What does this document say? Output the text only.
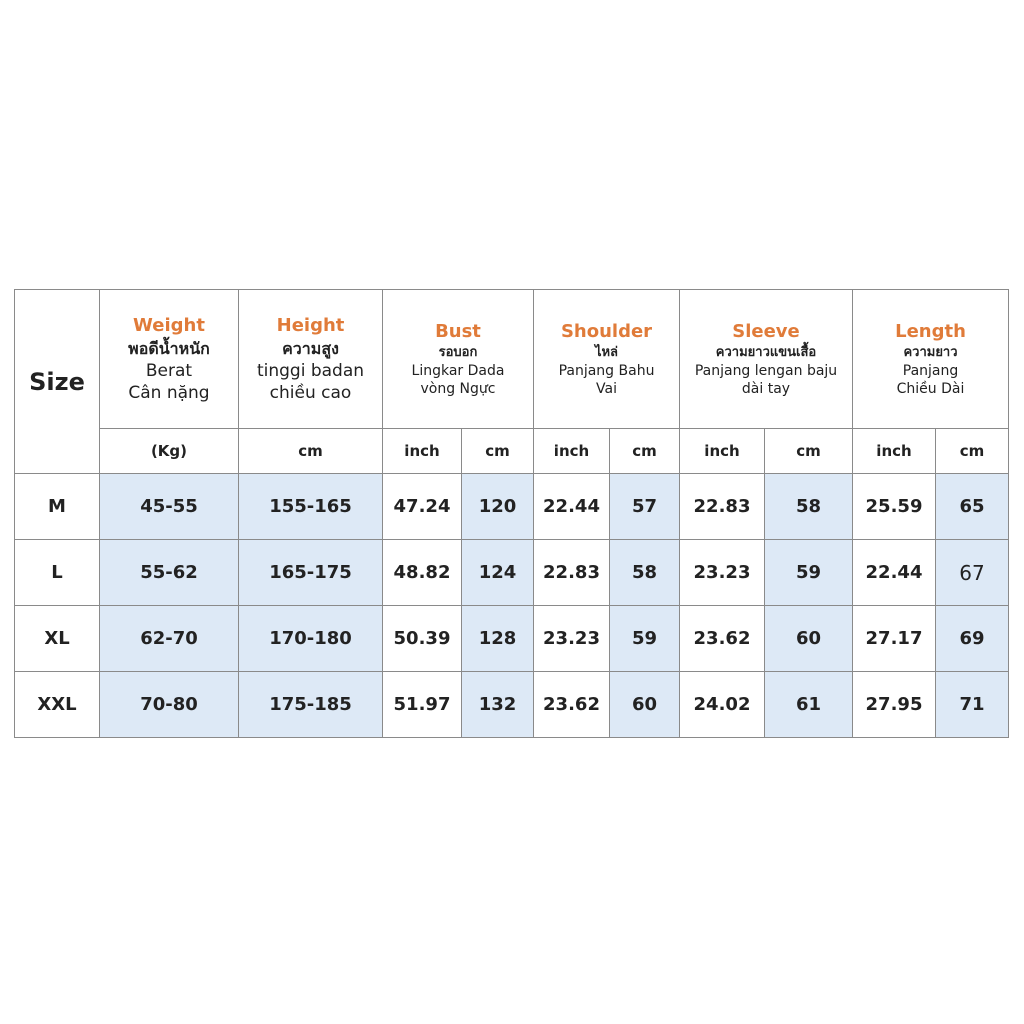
Size	Weight
พอดีน้ำหนัก
Berat
Cân nặng	Height
ความสูง
tinggi badan
chiều cao	Bust
รอบอก
Lingkar Dada
vòng Ngực		Shoulder
ไหล่
Panjang Bahu
Vai		Sleeve
ความยาวแขนเสื้อ
Panjang lengan baju
dài tay		Length
ความยาว
Panjang
Chiều Dài	

	(Kg)	cm	inch	cm	inch	cm	inch	cm	inch	cm
M	45-55	155-165	47.24	120	22.44	57	22.83	58	25.59	65
L	55-62	165-175	48.82	124	22.83	58	23.23	59	22.44	67
XL	62-70	170-180	50.39	128	23.23	59	23.62	60	27.17	69
XXL	70-80	175-185	51.97	132	23.62	60	24.02	61	27.95	71
